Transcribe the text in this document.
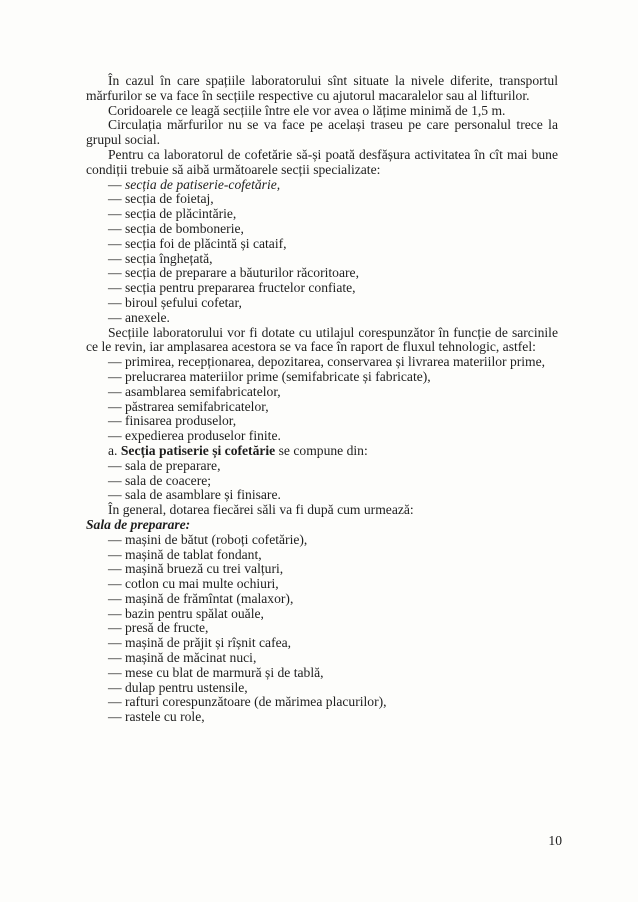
În cazul în care spațiile laboratorului sînt situate la nivele diferite, transportul mărfurilor se va face în secțiile respective cu ajutorul macaralelor sau al lifturilor.

Coridoarele ce leagă secțiile între ele vor avea o lățime minimă de 1,5 m.

Circulația mărfurilor nu se va face pe același traseu pe care personalul trece la grupul social.

Pentru ca laboratorul de cofetărie să-și poată desfășura activitatea în cît mai bune condiții trebuie să aibă următoarele secții specializate:

— secția de patiserie-cofetărie,
— secția de foietaj,
— secția de plăcintărie,
— secția de bombonerie,
— secția foi de plăcintă și cataif,
— secția înghețată,
— secția de preparare a băuturilor răcoritoare,
— secția pentru prepararea fructelor confiate,
— biroul șefului cofetar,
— anexele.

Secțiile laboratorului vor fi dotate cu utilajul corespunzător în funcție de sarcinile ce le revin, iar amplasarea acestora se va face în raport de fluxul tehnologic, astfel:

— primirea, recepționarea, depozitarea, conservarea și livrarea materiilor prime,
— prelucrarea materiilor prime (semifabricate și fabricate),
— asamblarea semifabricatelor,
— păstrarea semifabricatelor,
— finisarea produselor,
— expedierea produselor finite.

a. Secția patiserie și cofetărie se compune din:

— sala de preparare,
— sala de coacere;
— sala de asamblare și finisare.

În general, dotarea fiecărei săli va fi după cum urmează:

Sala de preparare:

— mașini de bătut (roboți cofetărie),
— mașină de tablat fondant,
— mașină brueză cu trei valțuri,
— cotlon cu mai multe ochiuri,
— mașină de frămîntat (malaxor),
— bazin pentru spălat ouăle,
— presă de fructe,
— mașină de prăjit și rîșnit cafea,
— mașină de măcinat nuci,
— mese cu blat de marmură și de tablă,
— dulap pentru ustensile,
— rafturi corespunzătoare (de mărimea placurilor),
— rastele cu role,
10
